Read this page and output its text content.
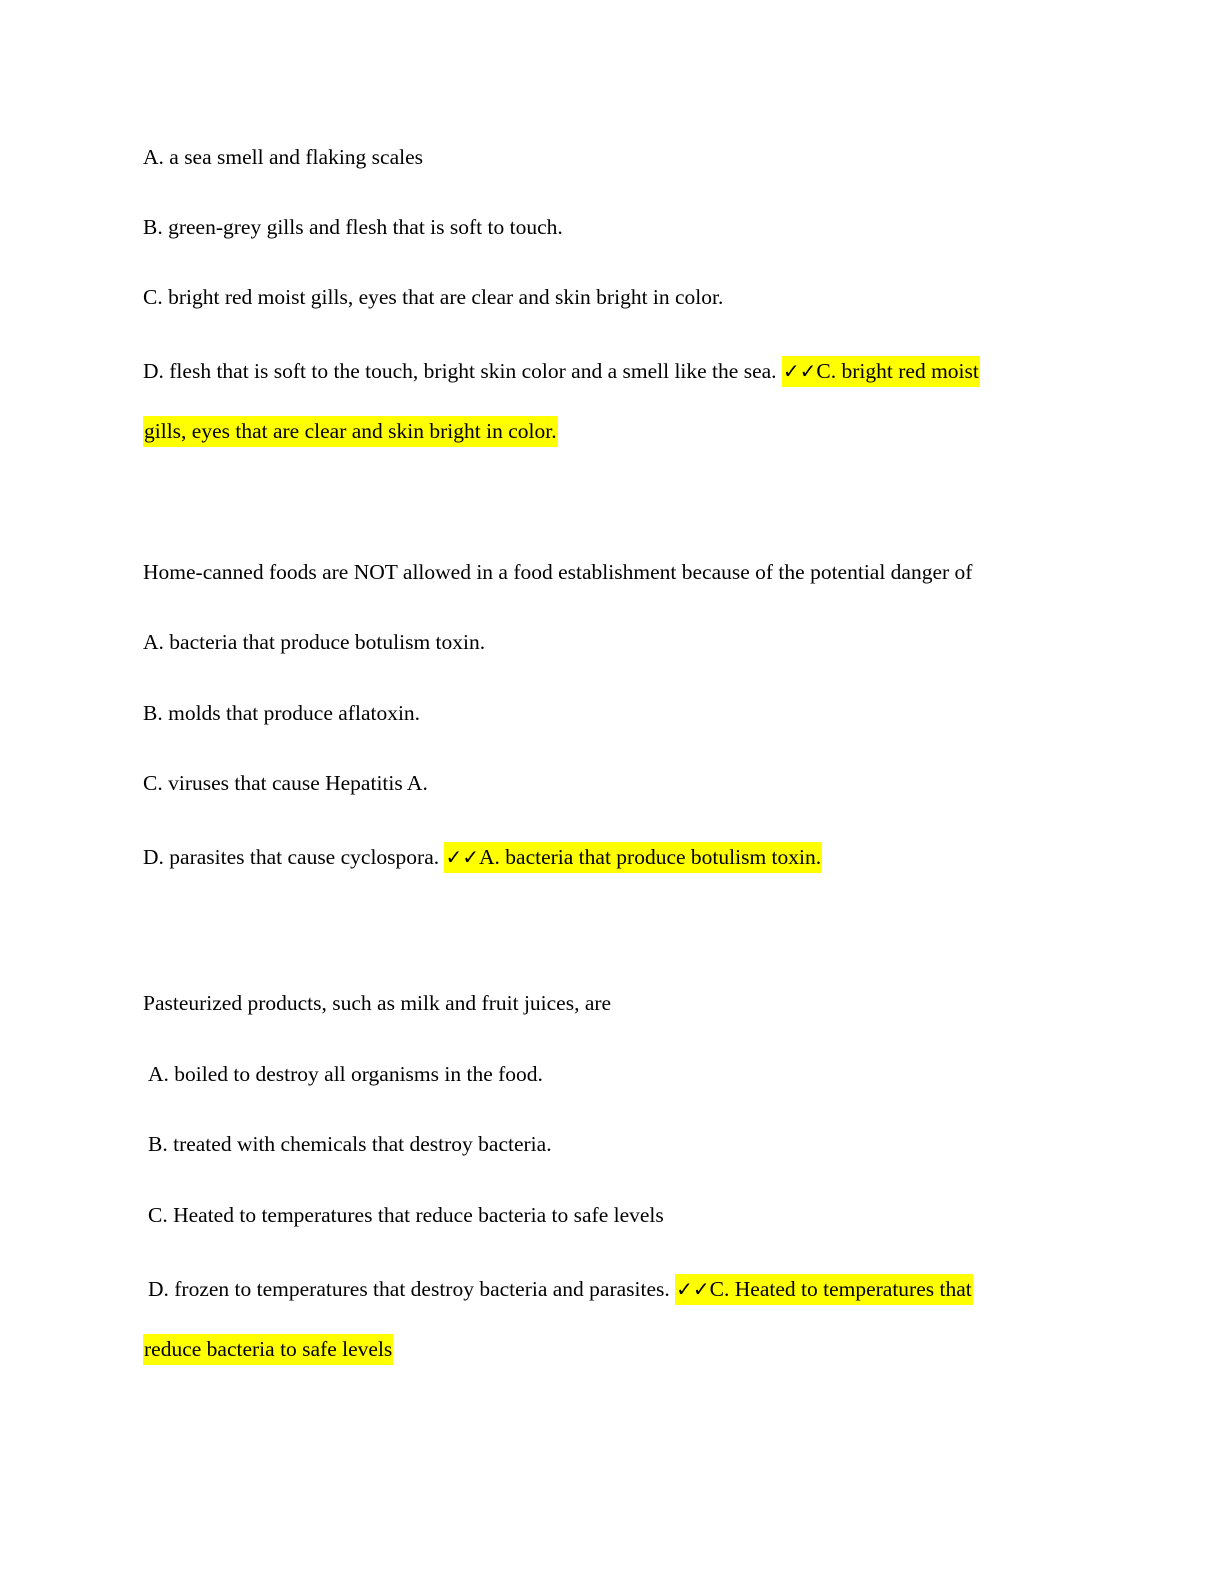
A. a sea smell and flaking scales
B. green-grey gills and flesh that is soft to touch.
C. bright red moist gills, eyes that are clear and skin bright in color.
D. flesh that is soft to the touch, bright skin color and a smell like the sea. ✓✓C. bright red moist
gills, eyes that are clear and skin bright in color.
Home-canned foods are NOT allowed in a food establishment because of the potential danger of
A. bacteria that produce botulism toxin.
B. molds that produce aflatoxin.
C. viruses that cause Hepatitis A.
D. parasites that cause cyclospora. ✓✓A. bacteria that produce botulism toxin.
Pasteurized products, such as milk and fruit juices, are
A. boiled to destroy all organisms in the food.
B. treated with chemicals that destroy bacteria.
C. Heated to temperatures that reduce bacteria to safe levels
D. frozen to temperatures that destroy bacteria and parasites. ✓✓C. Heated to temperatures that
reduce bacteria to safe levels
